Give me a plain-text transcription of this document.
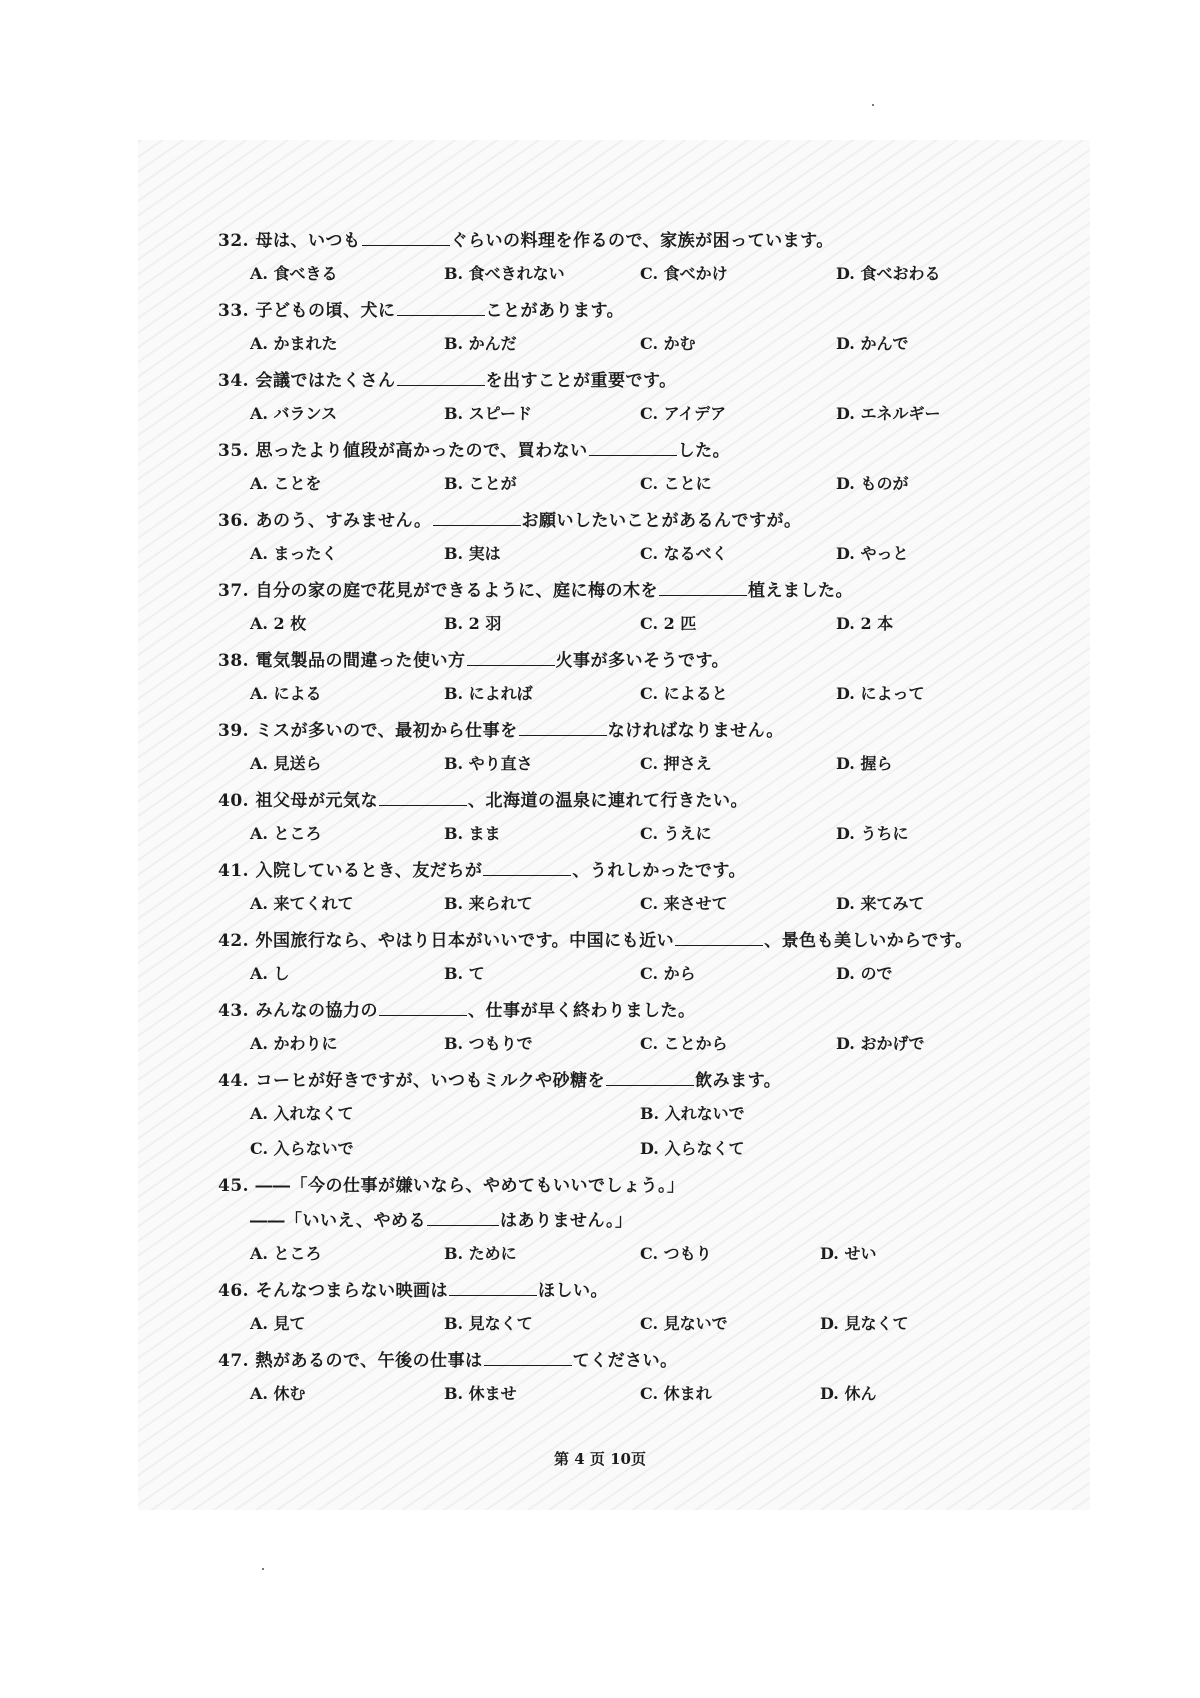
32. 母は、いつも	ぐらいの料理を作るので、家族が困っています。
A. 食べきる	B. 食べきれない	C. 食べかけ	D. 食べおわる
33. 子どもの頃、犬に	ことがあります。
A. かまれた	B. かんだ	C. かむ	D. かんで
34. 会議ではたくさん	を出すことが重要です。
A. バランス	B. スピード	C. アイデア	D. エネルギー
35. 思ったより値段が高かったので、買わない	した。
A. ことを	B. ことが	C. ことに	D. ものが
36. あのう、すみません。	お願いしたいことがあるんですが。
A. まったく	B. 実は	C. なるべく	D. やっと
37. 自分の家の庭で花見ができるように、庭に梅の木を	植えました。
A. 2 枚	B. 2 羽	C. 2 匹	D. 2 本
38. 電気製品の間違った使い方	火事が多いそうです。
A. による	B. によれば	C. によると	D. によって
39. ミスが多いので、最初から仕事を	なければなりません。
A. 見送ら	B. やり直さ	C. 押さえ	D. 握ら
40. 祖父母が元気な	、北海道の温泉に連れて行きたい。
A. ところ	B. まま	C. うえに	D. うちに
41. 入院しているとき、友だちが	、うれしかったです。
A. 来てくれて	B. 来られて	C. 来させて	D. 来てみて
42. 外国旅行なら、やはり日本がいいです。中国にも近い	、景色も美しいからです。
A. し	B. て	C. から	D. ので
43. みんなの協力の	、仕事が早く終わりました。
A. かわりに	B. つもりで	C. ことから	D. おかげで
44. コーヒが好きですが、いつもミルクや砂糖を	飲みます。
A. 入れなくて	B. 入れないで
C. 入らないで	D. 入らなくて
45. ――「今の仕事が嫌いなら、やめてもいいでしょう。」
――「いいえ、やめる	はありません。」
A. ところ	B. ために	C. つもり	D. せい
46. そんなつまらない映画は	ほしい。
A. 見て	B. 見なくて	C. 見ないで	D. 見なくて
47. 熱があるので、午後の仕事は	てください。
A. 休む	B. 休ませ	C. 休まれ	D. 休ん
第 4 页 10页
